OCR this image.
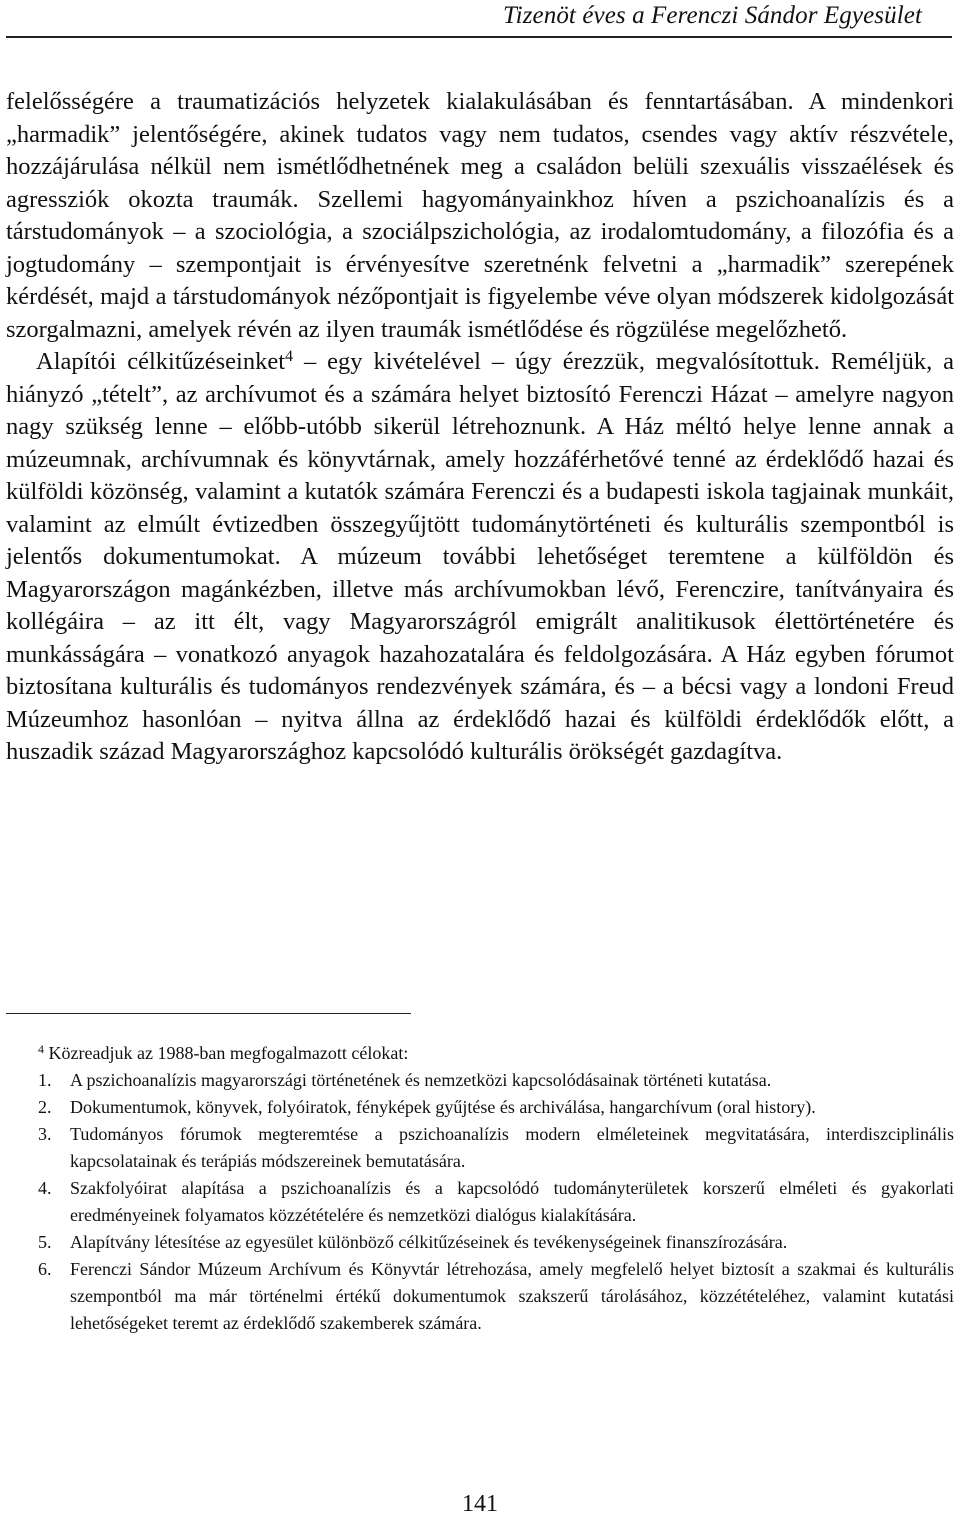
Tizenöt éves a Ferenczi Sándor Egyesület

felelősségére a traumatizációs helyzetek kialakulásában és fenntartásában. A mindenkori „harmadik” jelentőségére, akinek tudatos vagy nem tudatos, csendes vagy aktív részvétele, hozzájárulása nélkül nem ismétlődhetnének meg a családon belüli szexuális visszaélések és agressziók okozta traumák. Szellemi hagyományainkhoz híven a pszichoanalízis és a társtudományok – a szociológia, a szociálpszichológia, az irodalomtudomány, a filozófia és a jogtudomány – szempontjait is érvényesítve szeretnénk felvetni a „harmadik” szerepének kérdését, majd a társtudományok nézőpontjait is figyelembe véve olyan módszerek kidolgozását szorgalmazni, amelyek révén az ilyen traumák ismétlődése és rögzülése megelőzhető.

Alapítói célkitűzéseinket$^4$ – egy kivételével – úgy érezzük, megvalósítottuk. Reméljük, a hiányzó „tételt”, az archívumot és a számára helyet biztosító Ferenczi Házat – amelyre nagyon nagy szükség lenne – előbb-utóbb sikerül létrehoznunk. A Ház méltó helye lenne annak a múzeumnak, archívumnak és könyvtárnak, amely hozzáférhetővé tenné az érdeklődő hazai és külföldi közönség, valamint a kutatók számára Ferenczi és a budapesti iskola tagjainak munkáit, valamint az elmúlt évtizedben összegyűjtött tudománytörténeti és kulturális szempontból is jelentős dokumentumokat. A múzeum további lehetőséget teremtene a külföldön és Magyarországon magánkézben, illetve más archívumokban lévő, Ferenczire, tanítványaira és kollégáira – az itt élt, vagy Magyarországról emigrált analitikusok élettörténetére és munkásságára – vonatkozó anyagok hazahozatalára és feldolgozására. A Ház egyben fórumot biztosítana kulturális és tudományos rendezvények számára, és – a bécsi vagy a londoni Freud Múzeumhoz hasonlóan – nyitva állna az érdeklődő hazai és külföldi érdeklődők előtt, a huszadik század Magyarországhoz kapcsolódó kulturális örökségét gazdagítva.

$^4$ Közreadjuk az 1988-ban megfogalmazott célokat:

1. A pszichoanalízis magyarországi történetének és nemzetközi kapcsolódásainak történeti kutatása.
2. Dokumentumok, könyvek, folyóiratok, fényképek gyűjtése és archiválása, hangarchívum (oral history).
3. Tudományos fórumok megteremtése a pszichoanalízis modern elméleteinek megvitatására, interdiszciplinális kapcsolatainak és terápiás módszereinek bemutatására.
4. Szakfolyóirat alapítása a pszichoanalízis és a kapcsolódó tudományterületek korszerű elméleti és gyakorlati eredményeinek folyamatos közzétételére és nemzetközi dialógus kialakítására.
5. Alapítvány létesítése az egyesület különböző célkitűzéseinek és tevékenységeinek finanszírozására.
6. Ferenczi Sándor Múzeum Archívum és Könyvtár létrehozása, amely megfelelő helyet biztosít a szakmai és kulturális szempontból ma már történelmi értékű dokumentumok szakszerű tárolásához, közzétételéhez, valamint kutatási lehetőségeket teremt az érdeklődő szakemberek számára.
141
